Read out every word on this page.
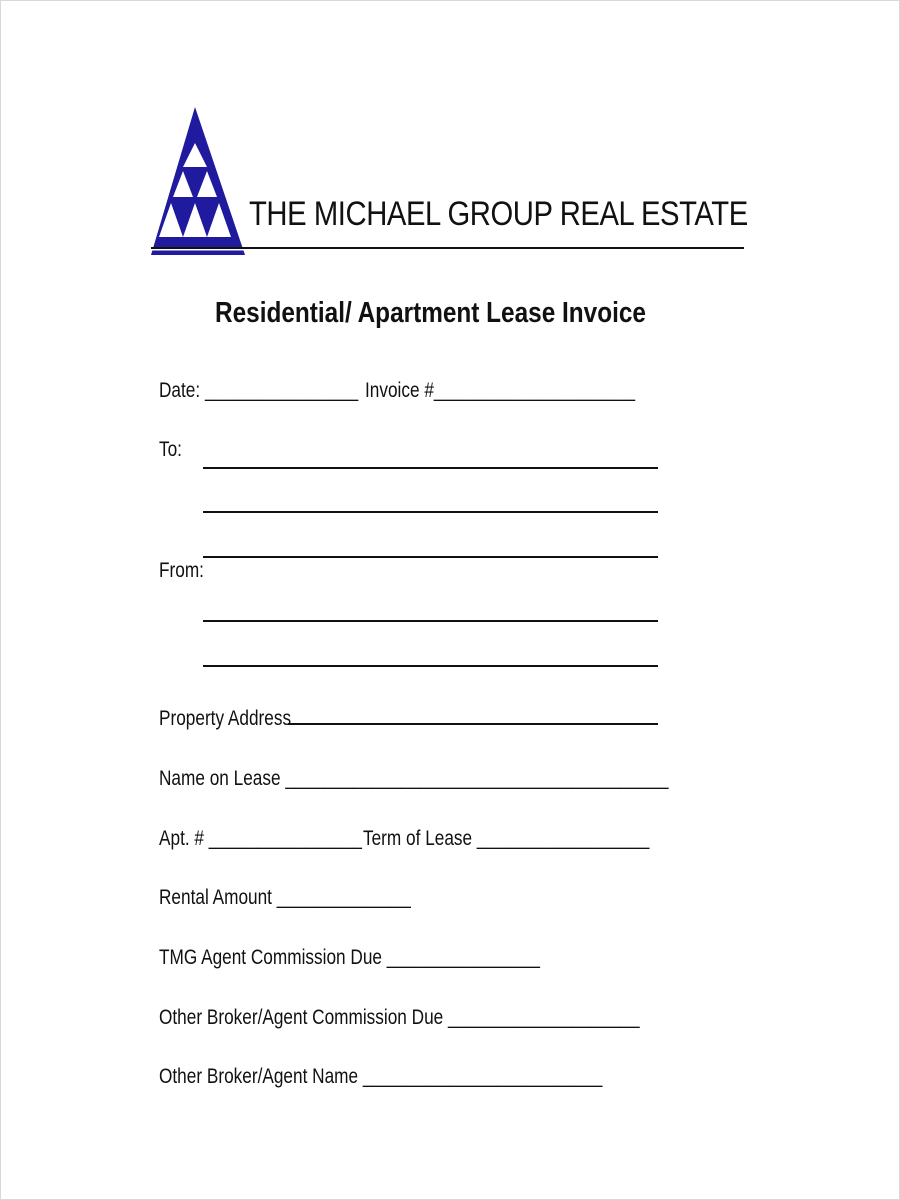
THE MICHAEL GROUP REAL ESTATE
Residential/ Apartment Lease Invoice
Date: ________________ Invoice #_____________________
To:
From:
Property Address
Name on Lease ________________________________________
Apt. # ________________ Term of Lease __________________
Rental Amount ______________
TMG Agent Commission Due ________________
Other Broker/Agent Commission Due ____________________
Other Broker/Agent Name _________________________
